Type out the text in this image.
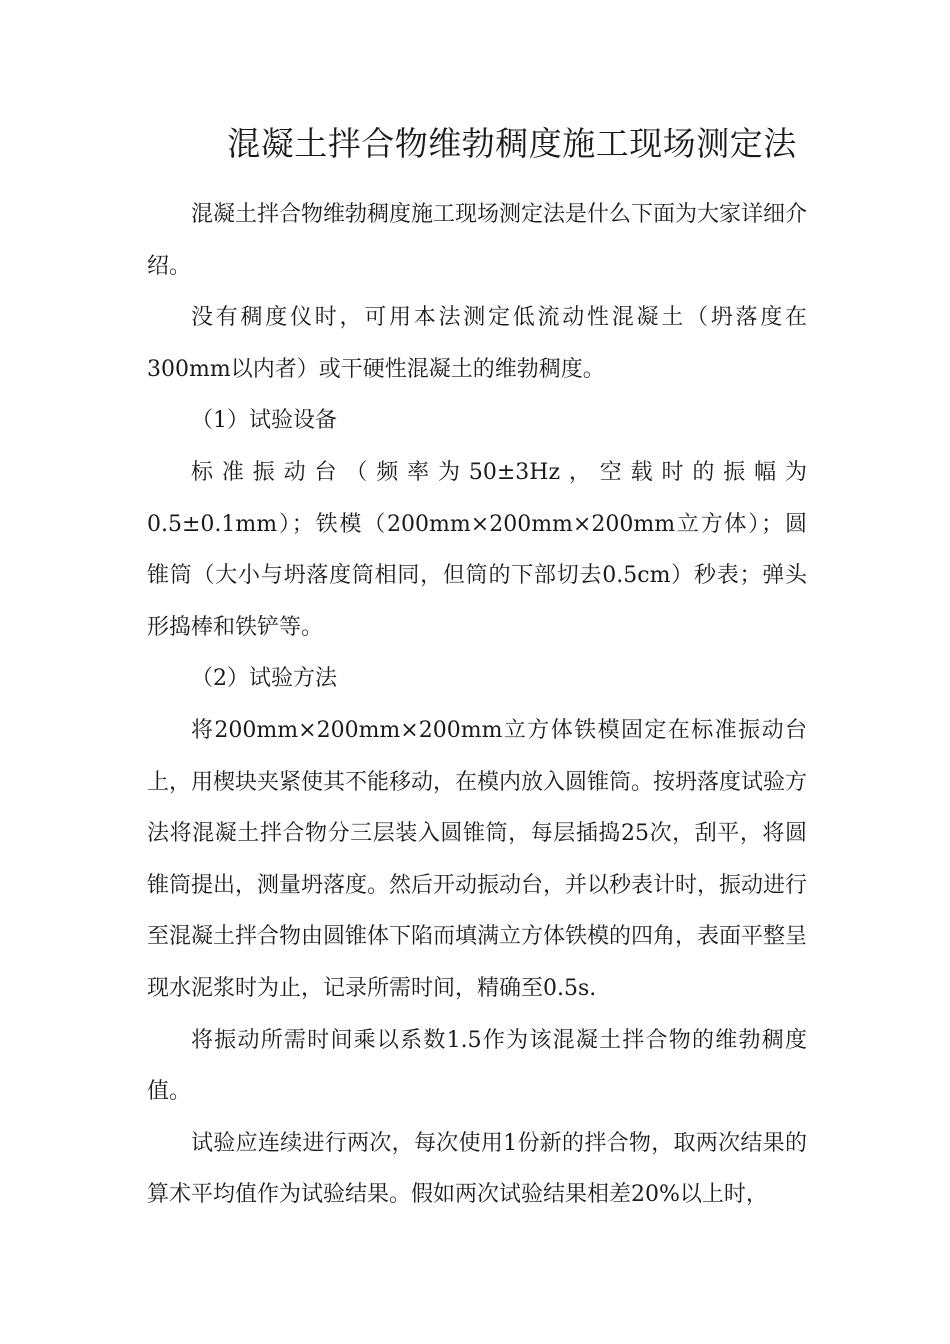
混凝土拌合物维勃稠度施工现场测定法

混凝土拌合物维勃稠度施工现场测定法是什么下面为大家详细介绍。

没有稠度仪时，可用本法测定低流动性混凝土（坍落度在300mm以内者）或干硬性混凝土的维勃稠度。

（1）试验设备

标准振动台（频率为50±3Hz，空载时的振幅为0.5±0.1mm）；铁模（200mm×200mm×200mm立方体）；圆锥筒（大小与坍落度筒相同，但筒的下部切去0.5cm）秒表；弹头形捣棒和铁铲等。

（2）试验方法

将200mm×200mm×200mm立方体铁模固定在标准振动台上，用楔块夹紧使其不能移动，在模内放入圆锥筒。按坍落度试验方法将混凝土拌合物分三层装入圆锥筒，每层插捣25次，刮平，将圆锥筒提出，测量坍落度。然后开动振动台，并以秒表计时，振动进行至混凝土拌合物由圆锥体下陷而填满立方体铁模的四角，表面平整呈现水泥浆时为止，记录所需时间，精确至0.5s.

将振动所需时间乘以系数1.5作为该混凝土拌合物的维勃稠度值。

试验应连续进行两次，每次使用1份新的拌合物，取两次结果的算术平均值作为试验结果。假如两次试验结果相差20%以上时，
